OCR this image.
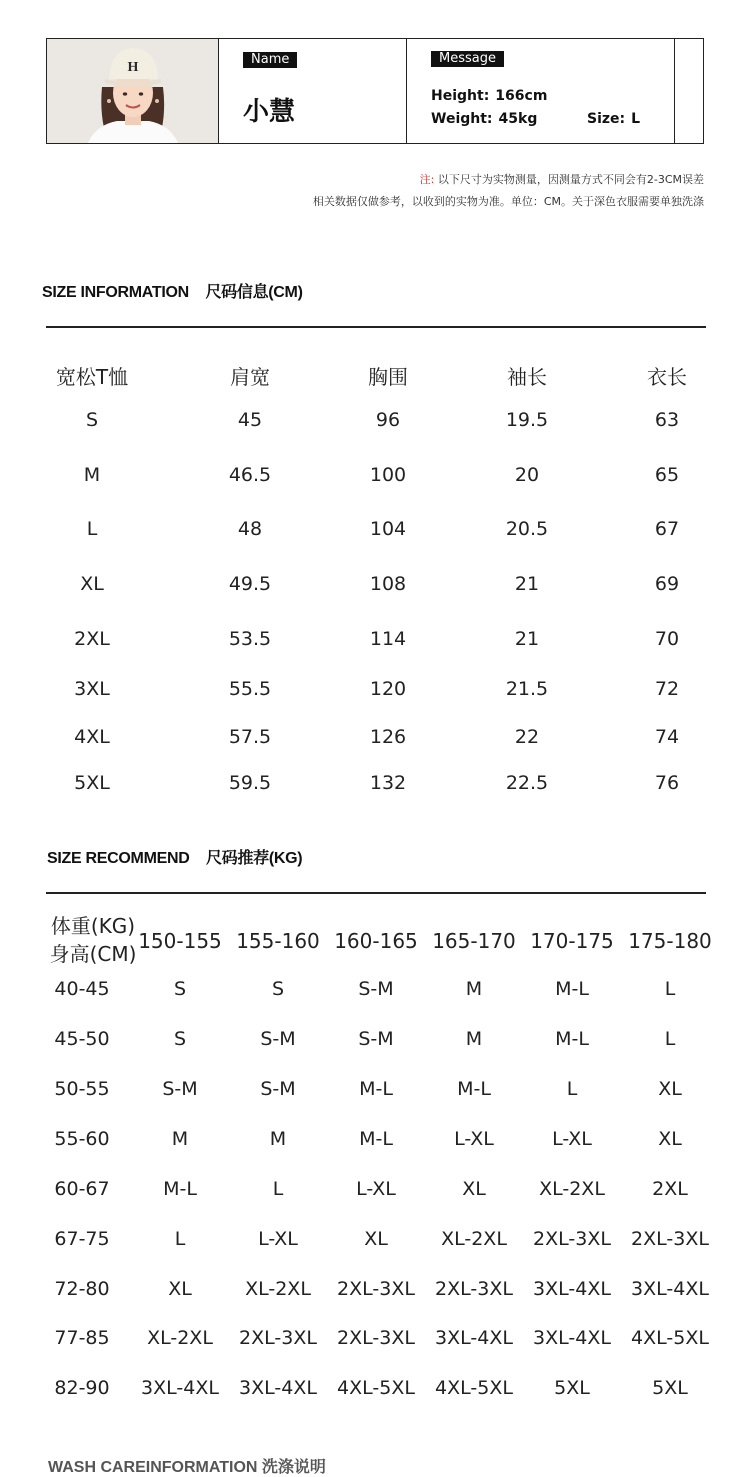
H
Name
小慧
Message
Height: 166cm
Weight: 45kg	Size: L
注: 以下尺寸为实物测量，因测量方式不同会有2-3CM误差
相关数据仅做参考，以收到的实物为准。单位：CM。关于深色衣服需要单独洗涤
SIZE INFORMATION    尺码信息(CM)
宽松T恤	肩宽	胸围	袖长	衣长
S	45	96	19.5	63
M	46.5	100	20	65
L	48	104	20.5	67
XL	49.5	108	21	69
2XL	53.5	114	21	70
3XL	55.5	120	21.5	72
4XL	57.5	126	22	74
5XL	59.5	132	22.5	76
SIZE RECOMMEND    尺码推荐(KG)
体重(KG)
身高(CM)
150-155 155-160 160-165 165-170 170-175 175-180
40-45	S	S	S-M	M	M-L	L
45-50	S	S-M	S-M	M	M-L	L
50-55	S-M	S-M	M-L	M-L	L	XL
55-60	M	M	M-L	L-XL	L-XL	XL
60-67	M-L	L	L-XL	XL	XL-2XL 2XL
67-75	L	L-XL	XL	XL-2XL 2XL-3XL 2XL-3XL
72-80	XL	XL-2XL 2XL-3XL 2XL-3XL 3XL-4XL 3XL-4XL
77-85 XL-2XL 2XL-3XL 2XL-3XL 3XL-4XL 3XL-4XL 4XL-5XL
82-90 3XL-4XL 3XL-4XL 4XL-5XL 4XL-5XL 5XL	5XL
WASH CAREINFORMATION 洗涤说明
